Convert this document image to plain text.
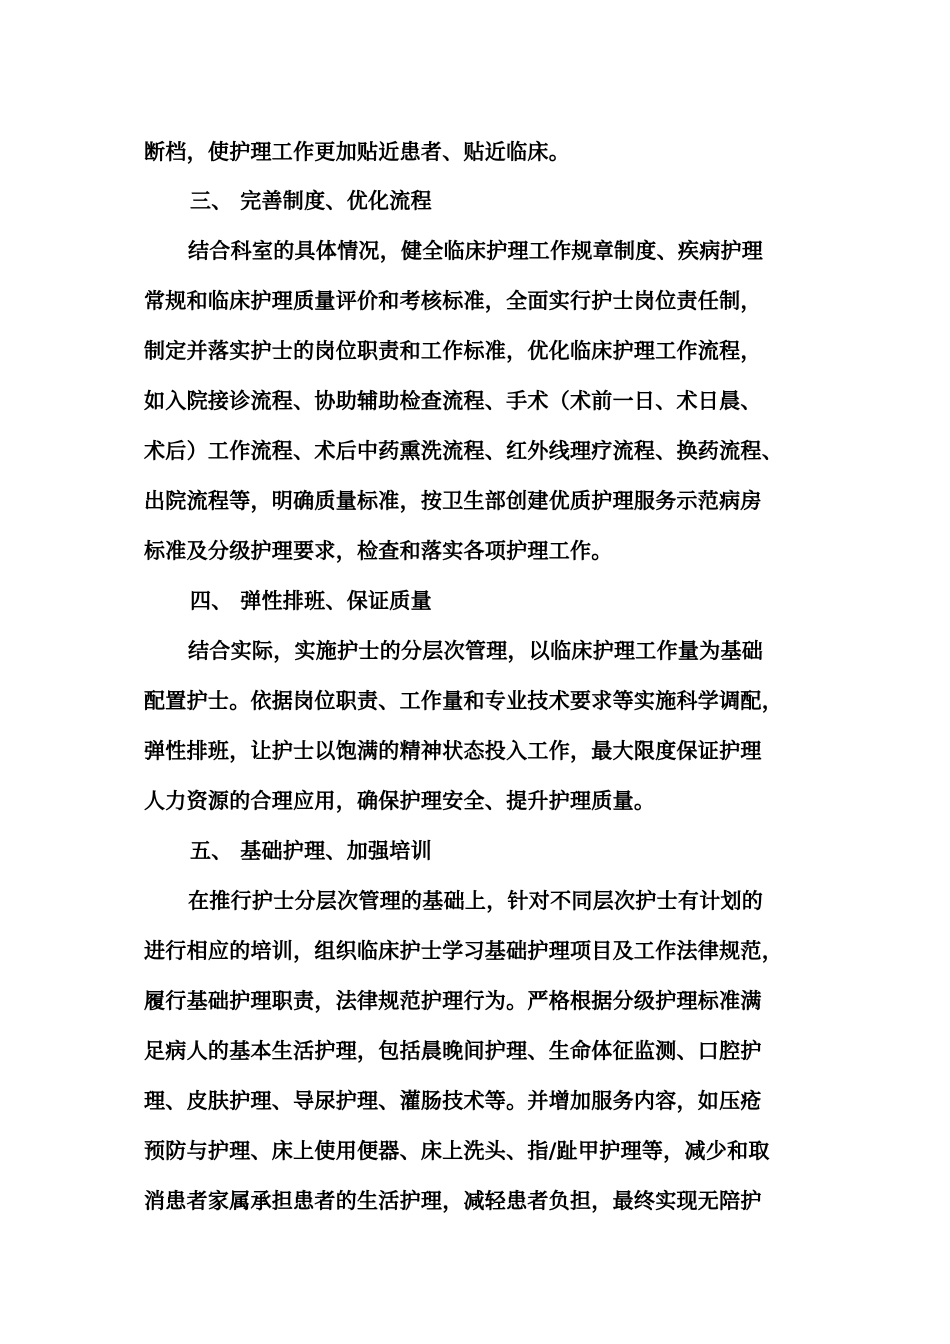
断档，使护理工作更加贴近患者、贴近临床。
三、 完善制度、优化流程
结合科室的具体情况，健全临床护理工作规章制度、疾病护理
常规和临床护理质量评价和考核标准，全面实行护士岗位责任制，
制定并落实护士的岗位职责和工作标准，优化临床护理工作流程，
如入院接诊流程、协助辅助检查流程、手术（术前一日、术日晨、
术后）工作流程、术后中药熏洗流程、红外线理疗流程、换药流程、
出院流程等，明确质量标准，按卫生部创建优质护理服务示范病房
标准及分级护理要求，检查和落实各项护理工作。
四、 弹性排班、保证质量
结合实际，实施护士的分层次管理，以临床护理工作量为基础
配置护士。依据岗位职责、工作量和专业技术要求等实施科学调配，
弹性排班，让护士以饱满的精神状态投入工作，最大限度保证护理
人力资源的合理应用，确保护理安全、提升护理质量。
五、 基础护理、加强培训
在推行护士分层次管理的基础上，针对不同层次护士有计划的
进行相应的培训，组织临床护士学习基础护理项目及工作法律规范，
履行基础护理职责，法律规范护理行为。严格根据分级护理标准满
足病人的基本生活护理，包括晨晚间护理、生命体征监测、口腔护
理、皮肤护理、导尿护理、灌肠技术等。并增加服务内容，如压疮
预防与护理、床上使用便器、床上洗头、指/趾甲护理等，减少和取
消患者家属承担患者的生活护理，减轻患者负担，最终实现无陪护
